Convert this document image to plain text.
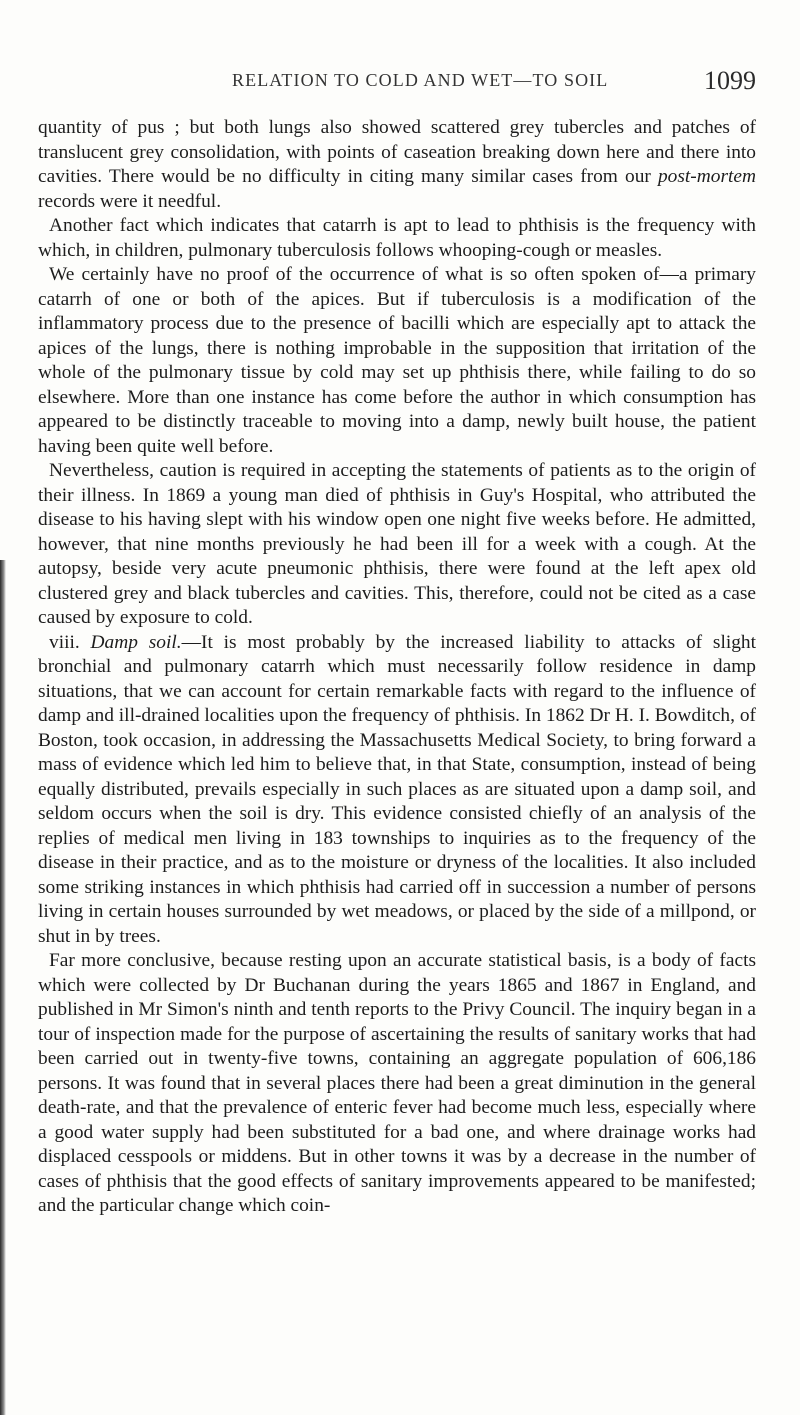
RELATION TO COLD AND WET—TO SOIL	1099

quantity of pus ; but both lungs also showed scattered grey tubercles and patches of translucent grey consolidation, with points of caseation breaking down here and there into cavities. There would be no difficulty in citing many similar cases from our post-mortem records were it needful.

Another fact which indicates that catarrh is apt to lead to phthisis is the frequency with which, in children, pulmonary tuberculosis follows whooping-cough or measles.

We certainly have no proof of the occurrence of what is so often spoken of—a primary catarrh of one or both of the apices. But if tuberculosis is a modification of the inflammatory process due to the presence of bacilli which are especially apt to attack the apices of the lungs, there is nothing improbable in the supposition that irritation of the whole of the pulmonary tissue by cold may set up phthisis there, while failing to do so elsewhere. More than one instance has come before the author in which consumption has appeared to be distinctly traceable to moving into a damp, newly built house, the patient having been quite well before.

Nevertheless, caution is required in accepting the statements of patients as to the origin of their illness. In 1869 a young man died of phthisis in Guy's Hospital, who attributed the disease to his having slept with his window open one night five weeks before. He admitted, however, that nine months previously he had been ill for a week with a cough. At the autopsy, beside very acute pneumonic phthisis, there were found at the left apex old clustered grey and black tubercles and cavities. This, therefore, could not be cited as a case caused by exposure to cold.

viii. Damp soil.—It is most probably by the increased liability to attacks of slight bronchial and pulmonary catarrh which must necessarily follow residence in damp situations, that we can account for certain remarkable facts with regard to the influence of damp and ill-drained localities upon the frequency of phthisis. In 1862 Dr H. I. Bowditch, of Boston, took occasion, in addressing the Massachusetts Medical Society, to bring forward a mass of evidence which led him to believe that, in that State, consumption, instead of being equally distributed, prevails especially in such places as are situated upon a damp soil, and seldom occurs when the soil is dry. This evidence consisted chiefly of an analysis of the replies of medical men living in 183 townships to inquiries as to the frequency of the disease in their practice, and as to the moisture or dryness of the localities. It also included some striking instances in which phthisis had carried off in succession a number of persons living in certain houses surrounded by wet meadows, or placed by the side of a millpond, or shut in by trees.

Far more conclusive, because resting upon an accurate statistical basis, is a body of facts which were collected by Dr Buchanan during the years 1865 and 1867 in England, and published in Mr Simon's ninth and tenth reports to the Privy Council. The inquiry began in a tour of inspection made for the purpose of ascertaining the results of sanitary works that had been carried out in twenty-five towns, containing an aggregate population of 606,186 persons. It was found that in several places there had been a great diminution in the general death-rate, and that the prevalence of enteric fever had become much less, especially where a good water supply had been substituted for a bad one, and where drainage works had displaced cesspools or middens. But in other towns it was by a decrease in the number of cases of phthisis that the good effects of sanitary improvements appeared to be manifested; and the particular change which coin-
